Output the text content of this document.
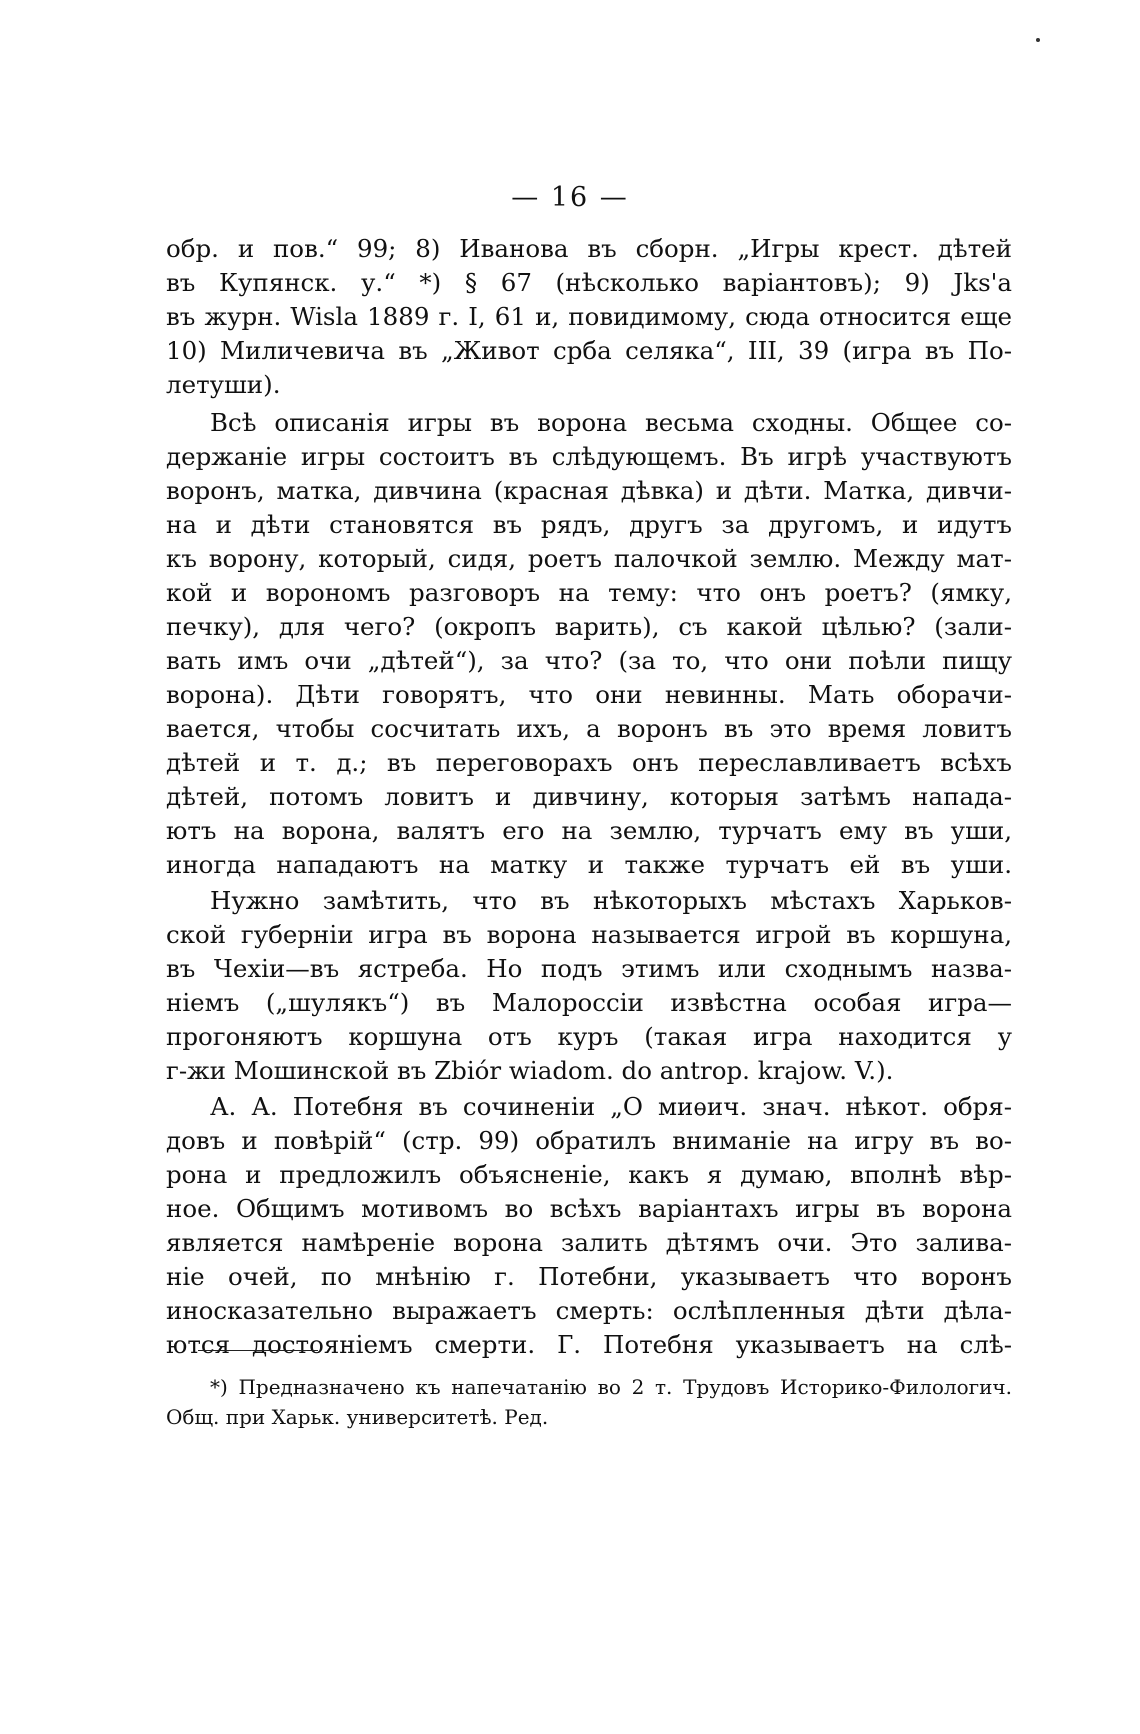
— 16 —
обр. и пов.“ 99; 8) Иванова въ сборн. „Игры крест. дѣтей
въ Купянск. у.“ *) § 67 (нѣсколько варіантовъ); 9) Jks'а
въ журн. Wisla 1889 г. I, 61 и, повидимому, сюда относится еще
10) Миличевича въ „Живот срба селяка“, III, 39 (игра въ По-
летуши).
Всѣ описанія игры въ ворона весьма сходны. Общее со-
держаніе игры состоитъ въ слѣдующемъ. Въ игрѣ участвуютъ
воронъ, матка, дивчина (красная дѣвка) и дѣти. Матка, дивчи-
на и дѣти становятся въ рядъ, другъ за другомъ, и идутъ
къ ворону, который, сидя, роетъ палочкой землю. Между мат-
кой и ворономъ разговоръ на тему: что онъ роетъ? (ямку,
печку), для чего? (окропъ варить), съ какой цѣлью? (зали-
вать имъ очи „дѣтей“), за что? (за то, что они поѣли пищу
ворона). Дѣти говорятъ, что они невинны. Мать оборачи-
вается, чтобы сосчитать ихъ, а воронъ въ это время ловитъ
дѣтей и т. д.; въ переговорахъ онъ переславливаетъ всѣхъ
дѣтей, потомъ ловитъ и дивчину, которыя затѣмъ напада-
ютъ на ворона, валятъ его на землю, турчатъ ему въ уши,
иногда нападаютъ на матку и также турчатъ ей въ уши.
Нужно замѣтить, что въ нѣкоторыхъ мѣстахъ Харьков-
ской губерніи игра въ ворона называется игрой въ коршуна,
въ Чехіи—въ ястреба. Но подъ этимъ или сходнымъ назва-
ніемъ („шулякъ“) въ Малороссіи извѣстна особая игра—
прогоняютъ коршуна отъ куръ (такая игра находится у
г-жи Мошинской въ Zbiór wiadom. do antrop. krajow. V.).
А. А. Потебня въ сочиненіи „О миѳич. знач. нѣкот. обря-
довъ и повѣрій“ (стр. 99) обратилъ вниманіе на игру въ во-
рона и предложилъ объясненіе, какъ я думаю, вполнѣ вѣр-
ное. Общимъ мотивомъ во всѣхъ варіантахъ игры въ ворона
является намѣреніе ворона залить дѣтямъ очи. Это залива-
ніе очей, по мнѣнію г. Потебни, указываетъ что воронъ
иносказательно выражаетъ смерть: ослѣпленныя дѣти дѣла-
ются достояніемъ смерти. Г. Потебня указываетъ на слѣ-
*) Предназначено къ напечатанію во 2 т. Трудовъ Историко-Филологич.
Общ. при Харьк. университетѣ. Ред.
